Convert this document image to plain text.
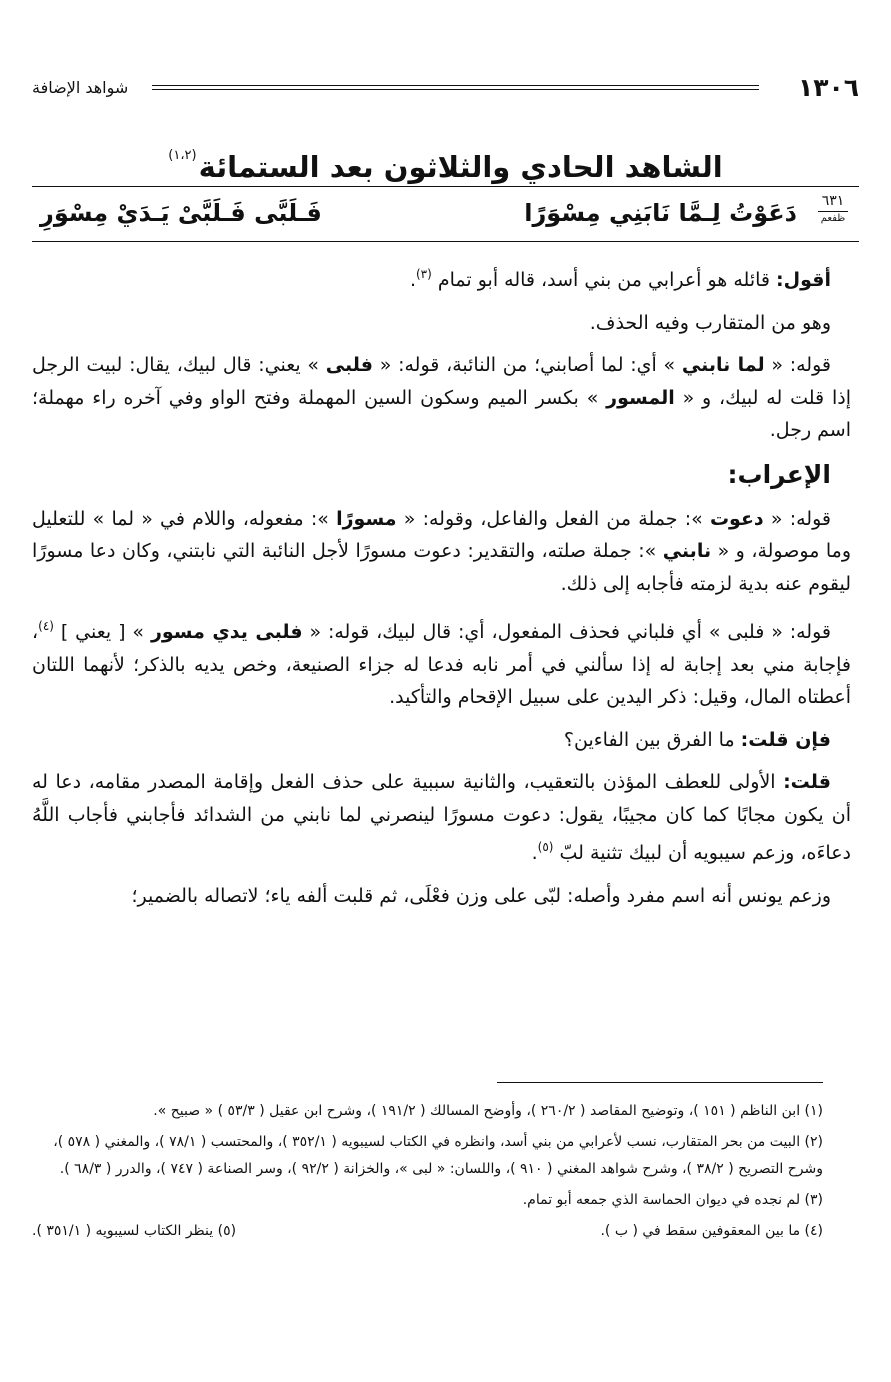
١٣٠٦
شواهد الإضافة
الشاهد الحادي والثلاثون بعد الستمائة$^{(١،٢)}$
٦٣١
ظفعم
دَعَوْتُ لِـمَّا نَابَنِي مِسْوَرًا
فَـلَبَّى فَـلَبَّىْ يَـدَيْ مِسْوَرِ

أقول: قائله هو أعرابي من بني أسد، قاله أبو تمام $^{(٣)}$.

وهو من المتقارب وفيه الحذف.

قوله: « لما نابني » أي: لما أصابني؛ من النائبة، قوله: « فلبى » يعني: قال لبيك، يقال: لبيت الرجل إذا قلت له لبيك، و « المسور » بكسر الميم وسكون السين المهملة وفتح الواو وفي آخره راء مهملة؛ اسم رجل.

الإعراب:

قوله: « دعوت »: جملة من الفعل والفاعل، وقوله: « مسورًا »: مفعوله، واللام في « لما » للتعليل وما موصولة، و « نابني »: جملة صلته، والتقدير: دعوت مسورًا لأجل النائبة التي نابتني، وكان دعا مسورًا ليقوم عنه بدية لزمته فأجابه إلى ذلك.

قوله: « فلبى » أي فلباني فحذف المفعول، أي: قال لبيك، قوله: « فلبى يدي مسور » [ يعني ] $^{(٤)}$، فإجابة مني بعد إجابة له إذا سألني في أمر نابه فدعا له جزاء الصنيعة، وخص يديه بالذكر؛ لأنهما اللتان أعطتاه المال، وقيل: ذكر اليدين على سبيل الإقحام والتأكيد.

فإن قلت: ما الفرق بين الفاءين؟

قلت: الأولى للعطف المؤذن بالتعقيب، والثانية سببية على حذف الفعل وإقامة المصدر مقامه، دعا له أن يكون مجابًا كما كان مجيبًا، يقول: دعوت مسورًا لينصرني لما نابني من الشدائد فأجابني فأجاب اللَّهُ دعاءَه، وزعم سيبويه أن لبيك تثنية لبّ $^{(٥)}$.

وزعم يونس أنه اسم مفرد وأصله: لبّى على وزن فعْلَى، ثم قلبت ألفه ياء؛ لاتصاله بالضمير؛

(١) ابن الناظم ( ١٥١ )، وتوضيح المقاصد ( ٢٦٠/٢ )، وأوضح المسالك ( ١٩١/٢ )، وشرح ابن عقيل ( ٥٣/٣ ) « صبيح ».

(٢) البيت من بحر المتقارب، نسب لأعرابي من بني أسد، وانظره في الكتاب لسيبويه ( ٣٥٢/١ )، والمحتسب ( ٧٨/١ )، والمغني ( ٥٧٨ )، وشرح التصريح ( ٣٨/٢ )، وشرح شواهد المغني ( ٩١٠ )، واللسان: « لبى »، والخزانة ( ٩٢/٢ )، وسر الصناعة ( ٧٤٧ )، والدرر ( ٦٨/٣ ).

(٣) لم نجده في ديوان الحماسة الذي جمعه أبو تمام.

(٤) ما بين المعقوفين سقط في ( ب ).
(٥) ينظر الكتاب لسيبويه ( ٣٥١/١ ).
